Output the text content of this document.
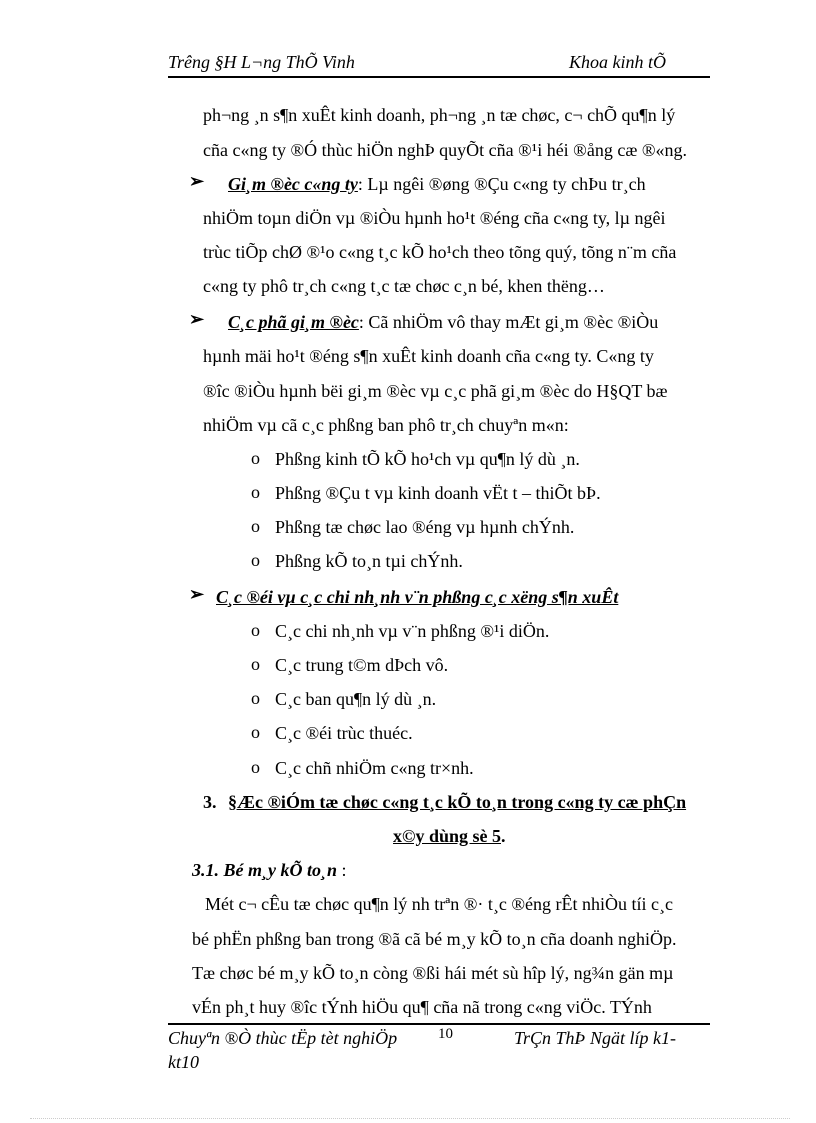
Trêng §H L¬ng ThÕ Vinh	Khoa kinh tÕ
ph¬ng ¸n s¶n xuÊt kinh doanh, ph¬ng ¸n tæ chøc, c¬ chÕ qu¶n lý
cña c«ng ty ®Ó thùc hiÖn nghÞ quyÕt cña ®¹i héi ®ång cæ ®«ng.
➢ Gi¸m ®èc c«ng ty: Lµ ngêi ®øng ®Çu c«ng ty chÞu tr¸ch
nhiÖm toµn diÖn vµ ®iÒu hµnh ho¹t ®éng cña c«ng ty, lµ ngêi
trùc tiÕp chØ ®¹o c«ng t¸c kÕ ho¹ch theo tõng quý, tõng n¨m cña
c«ng ty phô tr¸ch c«ng t¸c tæ chøc c¸n bé, khen thëng…
➢ C¸c phã gi¸m ®èc: Cã nhiÖm vô thay mÆt gi¸m ®èc ®iÒu
hµnh mäi ho¹t ®éng s¶n xuÊt kinh doanh cña c«ng ty. C«ng ty
®îc ®iÒu hµnh bëi gi¸m ®èc vµ c¸c phã gi¸m ®èc do H§QT bæ
nhiÖm vµ cã c¸c phßng ban phô tr¸ch chuyªn m«n:
o Phßng kinh tÕ kÕ ho¹ch vµ qu¶n lý dù ¸n.
o Phßng ®Çu t vµ kinh doanh vËt t – thiÕt bÞ.
o Phßng tæ chøc lao ®éng vµ hµnh chÝnh.
o Phßng kÕ to¸n tµi chÝnh.
➢ C¸c ®éi vµ c¸c chi nh¸nh v¨n phßng c¸c xëng s¶n xuÊt
o C¸c chi nh¸nh vµ v¨n phßng ®¹i diÖn.
o C¸c trung t©m dÞch vô.
o C¸c ban qu¶n lý dù ¸n.
o C¸c ®éi trùc thuéc.
o C¸c chñ nhiÖm c«ng tr×nh.
3. §Æc ®iÓm tæ chøc c«ng t¸c kÕ to¸n trong c«ng ty cæ phÇn
x©y dùng sè 5.
3.1. Bé m¸y kÕ to¸n :
Mét c¬ cÊu tæ chøc qu¶n lý nh trªn ®· t¸c ®éng rÊt nhiÒu tíi c¸c
bé phËn phßng ban trong ®ã cã bé m¸y kÕ to¸n cña doanh nghiÖp.
Tæ chøc bé m¸y kÕ to¸n còng ®ßi hái mét sù hîp lý, ng¾n gän mµ
vÉn ph¸t huy ®îc tÝnh hiÖu qu¶ cña nã trong c«ng viÖc. TÝnh
Chuyªn ®Ò thùc tËp tèt nghiÖp
kt10
10	TrÇn ThÞ Ngät líp k1-
